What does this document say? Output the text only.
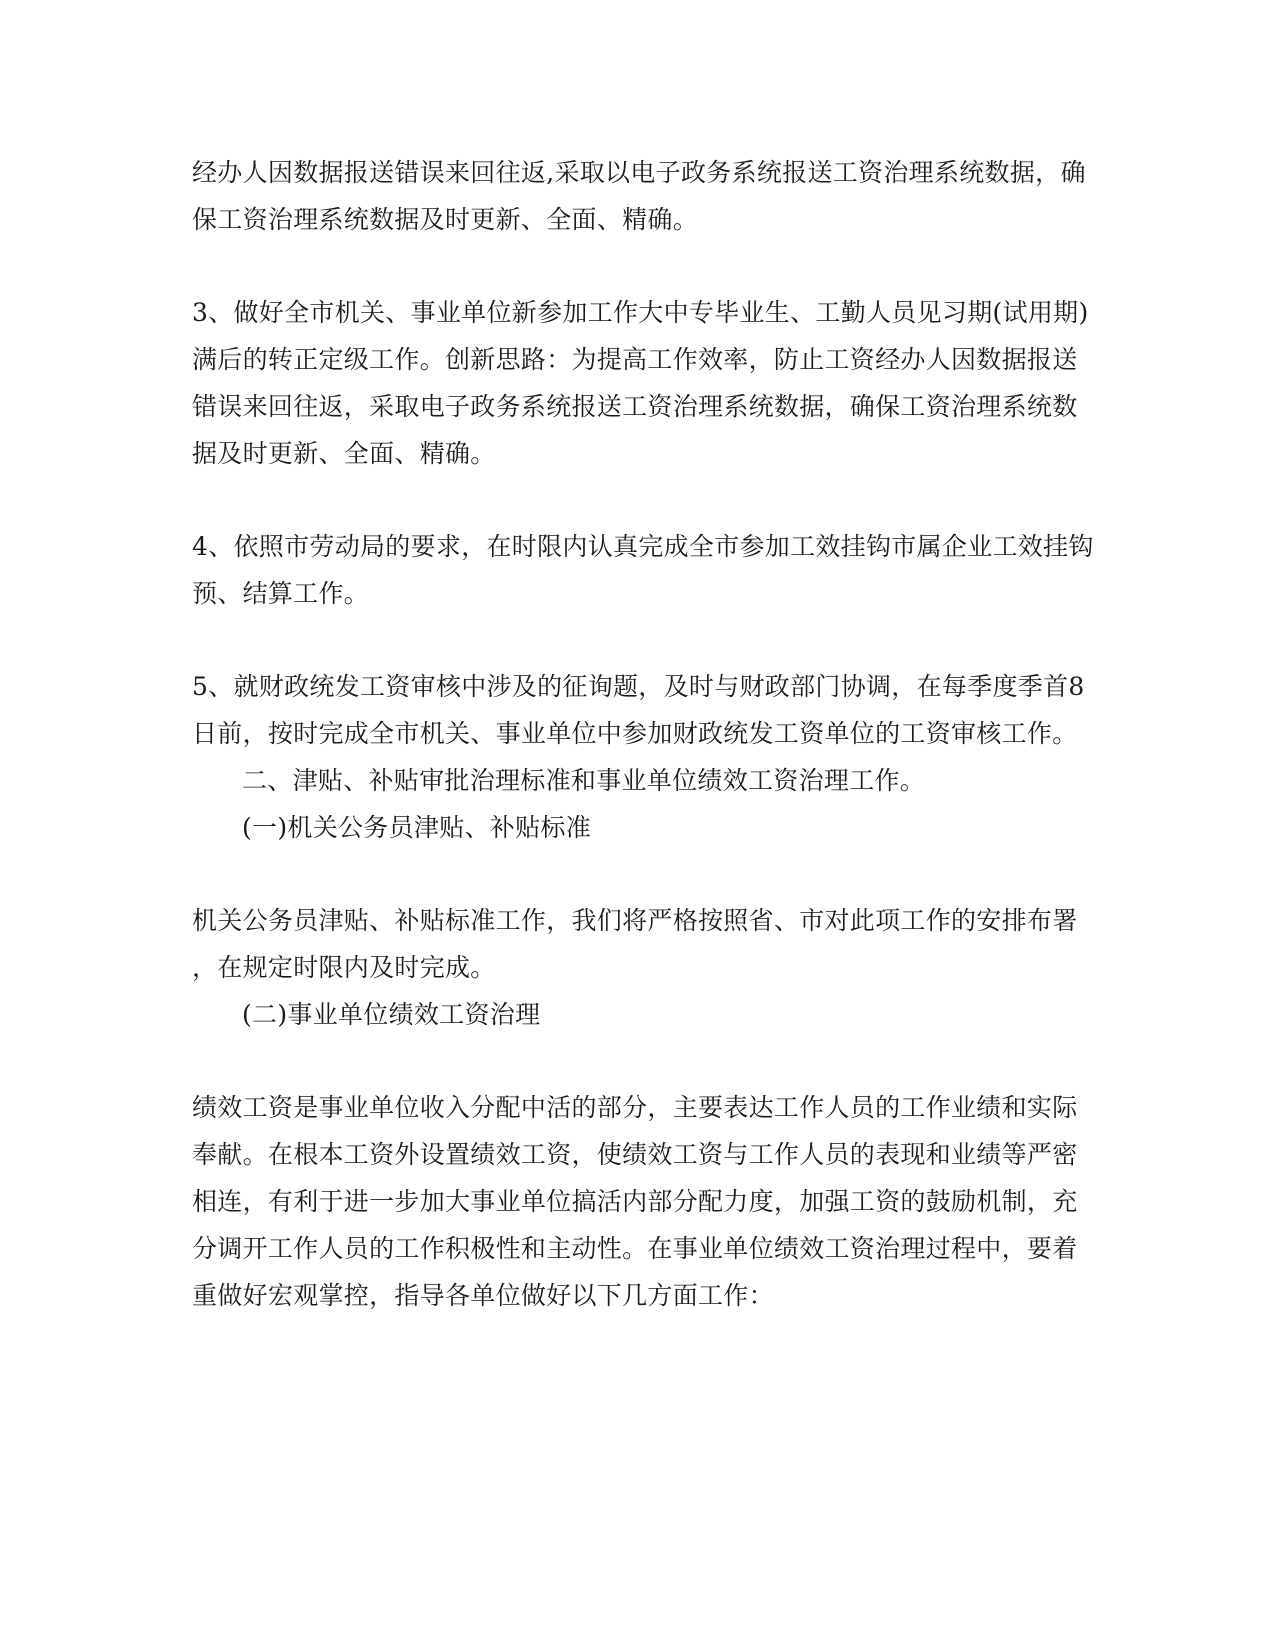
经办人因数据报送错误来回往返,采取以电子政务系统报送工资治理系统数据，确
保工资治理系统数据及时更新、全面、精确。
3、做好全市机关、事业单位新参加工作大中专毕业生、工勤人员见习期(试用期)
满后的转正定级工作。创新思路：为提高工作效率，防止工资经办人因数据报送
错误来回往返，采取电子政务系统报送工资治理系统数据，确保工资治理系统数
据及时更新、全面、精确。
4、依照市劳动局的要求，在时限内认真完成全市参加工效挂钩市属企业工效挂钩
预、结算工作。
5、就财政统发工资审核中涉及的征询题，及时与财政部门协调，在每季度季首8
日前，按时完成全市机关、事业单位中参加财政统发工资单位的工资审核工作。
二、津贴、补贴审批治理标准和事业单位绩效工资治理工作。
(一)机关公务员津贴、补贴标准
机关公务员津贴、补贴标准工作，我们将严格按照省、市对此项工作的安排布署
，在规定时限内及时完成。
(二)事业单位绩效工资治理
绩效工资是事业单位收入分配中活的部分，主要表达工作人员的工作业绩和实际
奉献。在根本工资外设置绩效工资，使绩效工资与工作人员的表现和业绩等严密
相连，有利于进一步加大事业单位搞活内部分配力度，加强工资的鼓励机制，充
分调开工作人员的工作积极性和主动性。在事业单位绩效工资治理过程中，要着
重做好宏观掌控，指导各单位做好以下几方面工作：
